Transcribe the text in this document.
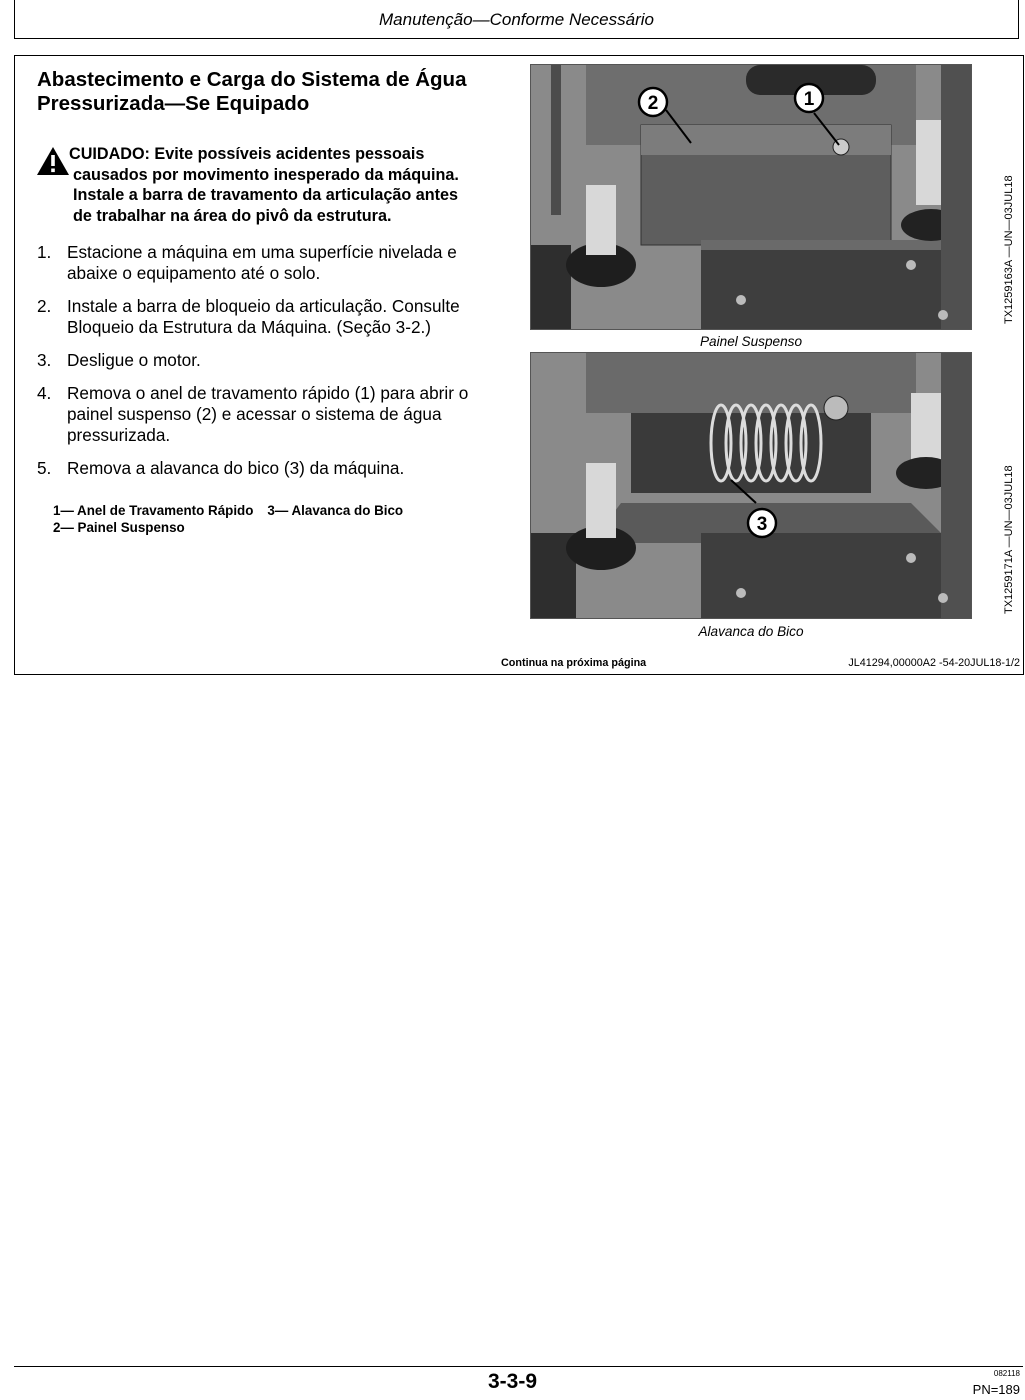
Manutenção—Conforme Necessário
Abastecimento e Carga do Sistema de Água
Pressurizada—Se Equipado
CUIDADO: Evite possíveis acidentes pessoais
causados por movimento inesperado da máquina.
Instale a barra de travamento da articulação antes
de trabalhar na área do pivô da estrutura.
1. Estacione a máquina em uma superfície nivelada e abaixe o equipamento até o solo.
2. Instale a barra de bloqueio da articulação. Consulte Bloqueio da Estrutura da Máquina. (Seção 3-2.)
3. Desligue o motor.
4. Remova o anel de travamento rápido (1) para abrir o painel suspenso (2) e acessar o sistema de água pressurizada.
5. Remova a alavanca do bico (3) da máquina.
1— Anel de Travamento Rápido 3— Alavanca do Bico
2— Painel Suspenso
2	1
Painel Suspenso
TX1259163A —UN—03JUL18
3
Alavanca do Bico
TX1259171A —UN—03JUL18
Continua na próxima página	JL41294,00000A2 -54-20JUL18-1/2
3-3-9	082118
PN=189
